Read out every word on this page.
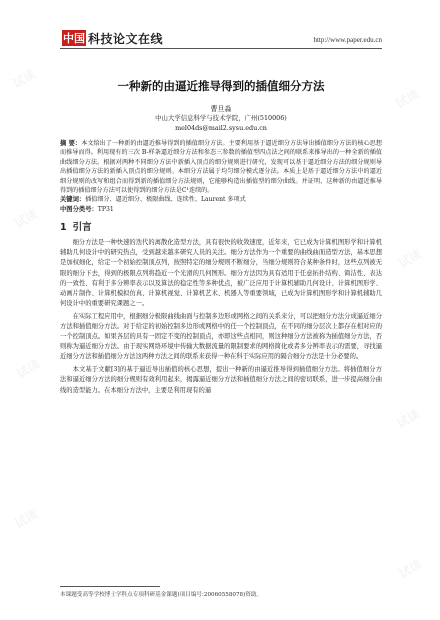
试读
试读
试读
试读
试读
试读
试读
试读
中国 科技论文在线	http://www.paper.edu.cn
一种新的由逼近推导得到的插值细分方法

曹旦淼

中山大学信息科学与技术学院，广州(510006)

mel04ds@mail2.sysu.edu.cn

摘 要：本文给出了一种新的由逼近推导得到的插值细分方法。主要利用基于逼近细分方法导出插值细分方法的核心思想而推导而得。利用现有的三次 B-样条逼近细分方法和参态三参数的插值型四点法之间的联系来推导出的一种全新的插值曲线细分方法。根据对两种不同细分方法中新插入顶点的细分规则进行研究，发现可以基于逼近细分方法的细分规则导出插值细分方法的新插入顶点的细分规则。本细分方法属于均匀细分模式逐分法。本质上是基于逼近细分方法中的逼近细分规则的改写和组合而得到新的插值细分方法规则，它能够构造出插值型的细分曲线。并证明，这种新的由逼近推导得到的插值细分方法可以使得到的细分方法是C¹连续的。

关键词：插值细分、逼近细分、极限曲线、连续性、Laurent 多项式

中图分类号：TP31

1 引言

细分方法是一种快速的迭代的离散化造型方法，具有很快的收敛速度，近年来，它已成为计算机图形学和计算机辅助几何设计中的研究热点，受到越来越多研究人员的关注。细分方法作为一个重要的曲线曲面造型方法，基本思想是加权细化，给定一个初始控制顶点列，按照特定的细分规则不断细分，当细分规则符合某种条件时，这些点列被无限的细分下去，得到的极限点列将趋近一个光滑的几何图形。细分方法因为具有适用于任意拓扑结构、简洁性、表达的一致性、有利于多分辨率表示以及算法的稳定性等多种优点，被广泛应用于计算机辅助几何设计、计算机图形学、动画片制作、计算机模拟仿真、计算机视觉、计算机艺术、机器人等重要领域，已成为计算机图形学和计算机辅助几何设计中的重要研究课题之一。

在实际工程应用中，根据细分极限曲线曲面与控制多边形或网格之间的关系来分，可以把细分方法分成逼近细分方法和插值细分方法。对于给定的初始控制多边形或网格中的任一个控制顶点，在不同的细分层次上都存在相对应的一个控制顶点。如果各层的具有一固定不变的控制顶点，亦即这些点相同，则这种细分方法被称为插值细分方法，否则称为逼近细分方法。由于现实网络环境中传输大数据流量的限制要求的网格简化或者多分辨率表示的需要，寻找逼近细分方法和插值细分方法这两种方法之间的联系来获得一种在科于实际应用的隔合细分方法是十分必要的。

本文基于文献[3]的基于逼近导出插值的核心思想，提出一种新的由逼近推导得到插值细分方法。将插值细分方法和逼近细分方法的细分规则有效利用起来，揭露逼近细分方法和插值细分方法之间的密切联系，进一步提高细分曲线的造型能力。在本细分方法中，主要是利用现有的逼

本课题受高等学校博士学科点专项科研基金课题(项目编号:20060558078)资助。
